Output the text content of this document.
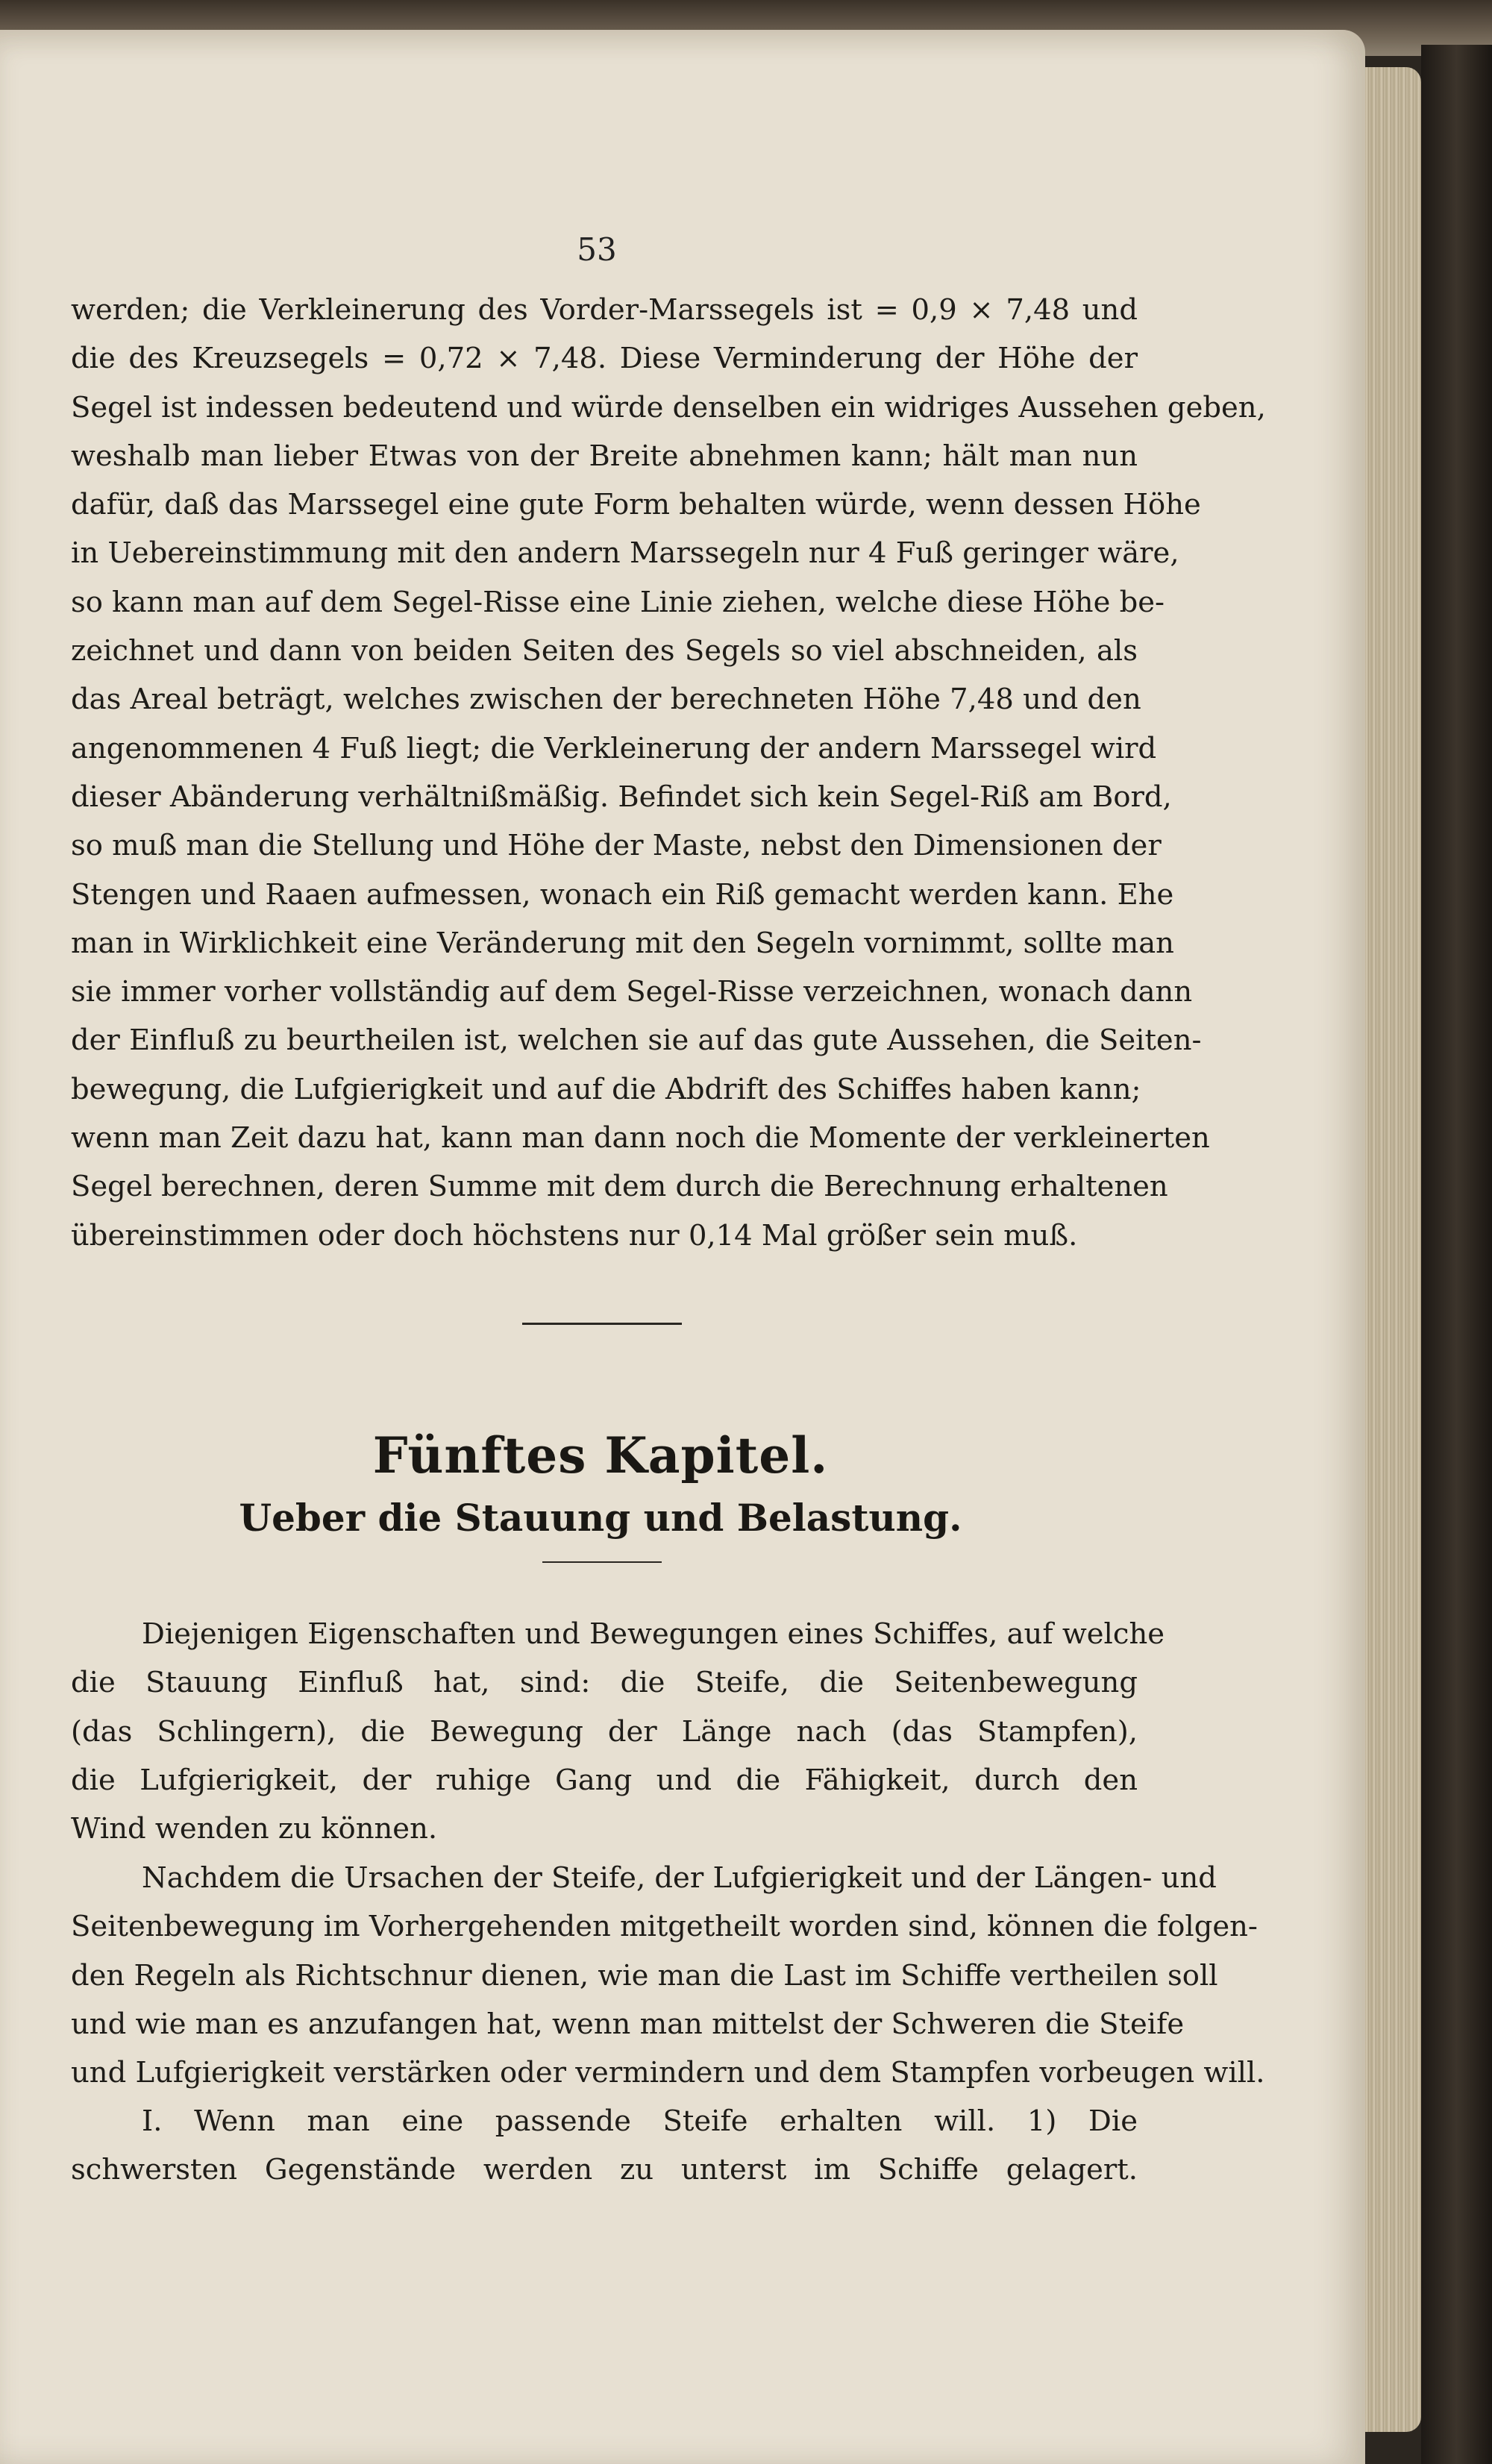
53
werden; die Verkleinerung des Vorder-Marssegels ist = 0,9 × 7,48 und
die des Kreuzsegels = 0,72 × 7,48. Diese Verminderung der Höhe der
Segel ist indessen bedeutend und würde denselben ein widriges Aussehen geben,
weshalb man lieber Etwas von der Breite abnehmen kann; hält man nun
dafür, daß das Marssegel eine gute Form behalten würde, wenn dessen Höhe
in Uebereinstimmung mit den andern Marssegeln nur 4 Fuß geringer wäre,
so kann man auf dem Segel-Risse eine Linie ziehen, welche diese Höhe be-
zeichnet und dann von beiden Seiten des Segels so viel abschneiden, als
das Areal beträgt, welches zwischen der berechneten Höhe 7,48 und den
angenommenen 4 Fuß liegt; die Verkleinerung der andern Marssegel wird
dieser Abänderung verhältnißmäßig. Befindet sich kein Segel-Riß am Bord,
so muß man die Stellung und Höhe der Maste, nebst den Dimensionen der
Stengen und Raaen aufmessen, wonach ein Riß gemacht werden kann. Ehe
man in Wirklichkeit eine Veränderung mit den Segeln vornimmt, sollte man
sie immer vorher vollständig auf dem Segel-Risse verzeichnen, wonach dann
der Einfluß zu beurtheilen ist, welchen sie auf das gute Aussehen, die Seiten-
bewegung, die Lufgierigkeit und auf die Abdrift des Schiffes haben kann;
wenn man Zeit dazu hat, kann man dann noch die Momente der verkleinerten
Segel berechnen, deren Summe mit dem durch die Berechnung erhaltenen
übereinstimmen oder doch höchstens nur 0,14 Mal größer sein muß.
Fünftes Kapitel.
Ueber die Stauung und Belastung.
Diejenigen Eigenschaften und Bewegungen eines Schiffes, auf welche
die Stauung Einfluß hat, sind: die Steife, die Seitenbewegung
(das Schlingern), die Bewegung der Länge nach (das Stampfen),
die Lufgierigkeit, der ruhige Gang und die Fähigkeit, durch den
Wind wenden zu können.
Nachdem die Ursachen der Steife, der Lufgierigkeit und der Längen- und
Seitenbewegung im Vorhergehenden mitgetheilt worden sind, können die folgen-
den Regeln als Richtschnur dienen, wie man die Last im Schiffe vertheilen soll
und wie man es anzufangen hat, wenn man mittelst der Schweren die Steife
und Lufgierigkeit verstärken oder vermindern und dem Stampfen vorbeugen will.
I. Wenn man eine passende Steife erhalten will. 1) Die
schwersten Gegenstände werden zu unterst im Schiffe gelagert.
